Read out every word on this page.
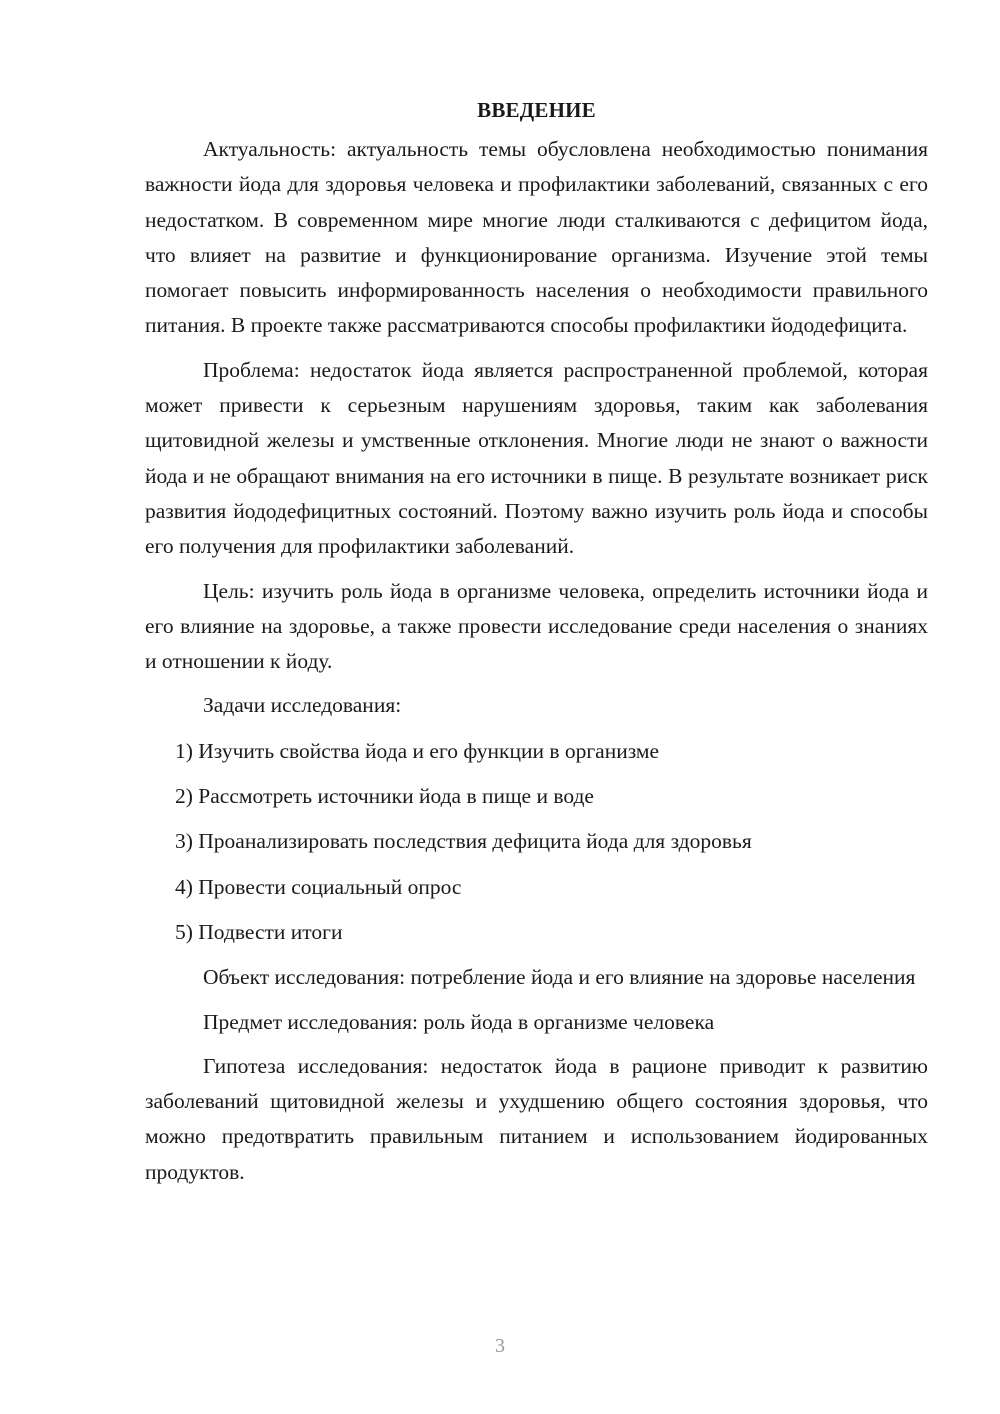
ВВЕДЕНИЕ

Актуальность: актуальность темы обусловлена необходимостью понимания важности йода для здоровья человека и профилактики заболеваний, связанных с его недостатком. В современном мире многие люди сталкиваются с дефицитом йода, что влияет на развитие и функционирование организма. Изучение этой темы помогает повысить информированность населения о необходимости правильного питания. В проекте также рассматриваются способы профилактики йододефицита.

Проблема: недостаток йода является распространенной проблемой, которая может привести к серьезным нарушениям здоровья, таким как заболевания щитовидной железы и умственные отклонения. Многие люди не знают о важности йода и не обращают внимания на его источники в пище. В результате возникает риск развития йододефицитных состояний. Поэтому важно изучить роль йода и способы его получения для профилактики заболеваний.

Цель: изучить роль йода в организме человека, определить источники йода и его влияние на здоровье, а также провести исследование среди населения о знаниях и отношении к йоду.

Задачи исследования:

1) Изучить свойства йода и его функции в организме
2) Рассмотреть источники йода в пище и воде
3) Проанализировать последствия дефицита йода для здоровья
4) Провести социальный опрос
5) Подвести итоги

Объект исследования: потребление йода и его влияние на здоровье населения

Предмет исследования: роль йода в организме человека

Гипотеза исследования: недостаток йода в рационе приводит к развитию заболеваний щитовидной железы и ухудшению общего состояния здоровья, что можно предотвратить правильным питанием и использованием йодированных продуктов.

3
